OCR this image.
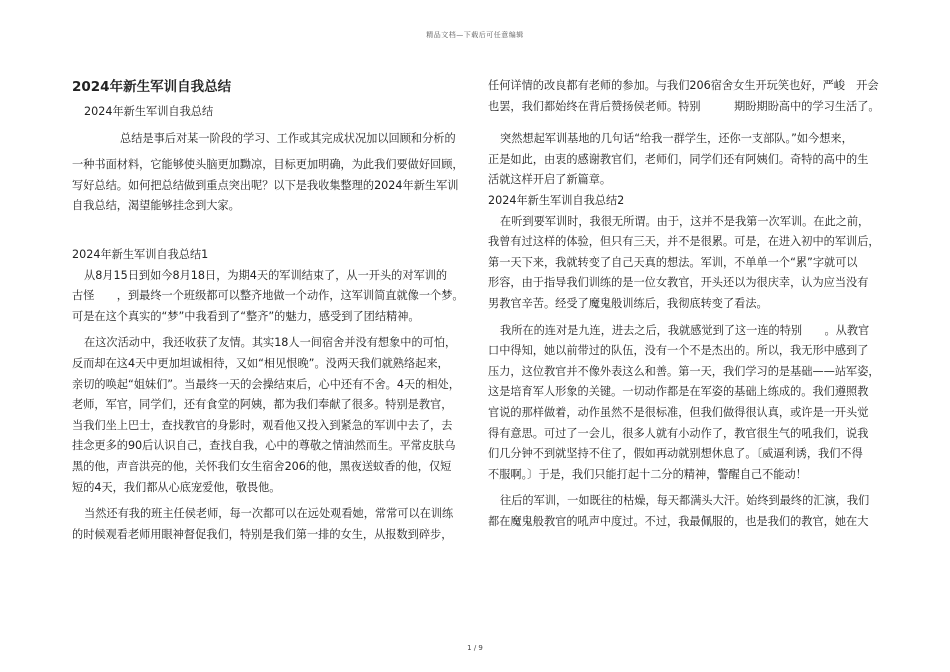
精品文档—下载后可任意编辑
2024年新生军训自我总结
2024年新生军训自我总结
总结是事后对某一阶段的学习、工作或其完成状况加以回顾和分析的
一种书面材料，它能够使头脑更加黝凉，目标更加明确，为此我们要做好回顾，
写好总结。如何把总结做到重点突出呢？以下是我收集整理的2024年新生军训
自我总结，渴望能够挂念到大家。
2024年新生军训自我总结1
从8月15日到如今8月18日，为期4天的军训结束了，从一开头的对军训的
古怪　　，到最终一个班级都可以整齐地做一个动作，这军训简直就像一个梦。
可是在这个真实的“梦”中我看到了“整齐”的魅力，感受到了团结精神。
在这次活动中，我还收获了友情。其实18人一间宿舍并没有想象中的可怕，
反而却在这4天中更加坦诚相待，又如“相见恨晚”。没两天我们就熟络起来，
亲切的唤起“姐妹们”。当最终一天的会操结束后，心中还有不舍。4天的相处，
老师，军官，同学们，还有食堂的阿姨，都为我们奉献了很多。特别是教官，
当我们坐上巴士，查找教官的身影时，观看他又投入到紧急的军训中去了，去
挂念更多的90后认识自己，查找自我，心中的尊敬之情油然而生。平常皮肤乌
黑的他，声音洪亮的他，关怀我们女生宿舍206的他，黑夜送蚊香的他，仅短
短的4天，我们都从心底宠爱他，敬畏他。
当然还有我的班主任侯老师，每一次都可以在远处观看她，常常可以在训练
的时候观看老师用眼神督促我们，特别是我们第一排的女生，从报数到碎步，
任何详情的改良都有老师的参加。与我们206宿舍女生开玩笑也好，严峻　开会
也罢，我们都始终在背后赞扬侯老师。特别　　　期盼期盼高中的学习生活了。
突然想起军训基地的几句话“给我一群学生，还你一支部队。”如今想来，
正是如此，由衷的感谢教官们，老师们，同学们还有阿姨们。奇特的高中的生
活就这样开启了新篇章。
2024年新生军训自我总结2
在听到要军训时，我很无所谓。由于，这并不是我第一次军训。在此之前，
我曾有过这样的体验，但只有三天，并不是很累。可是，在进入初中的军训后，
第一天下来，我就转变了自己天真的想法。军训，不单单一个“累”字就可以
形容，由于指导我们训练的是一位女教官，开头还以为很庆幸，认为应当没有
男教官辛苦。经受了魔鬼般训练后，我彻底转变了看法。
我所在的连对是九连，进去之后，我就感觉到了这一连的特别　　。从教官
口中得知，她以前带过的队伍，没有一个不是杰出的。所以，我无形中感到了
压力，这位教官并不像外表这么和善。第一天，我们学习的是基础——站军姿，
这是培育军人形象的关键。一切动作都是在军姿的基础上练成的。我们遵照教
官说的那样做着，动作虽然不是很标准，但我们做得很认真，或许是一开头觉
得有意思。可过了一会儿，很多人就有小动作了，教官很生气的吼我们，说我
们几分钟不到就坚持不住了，假如再动就别想休息了。〔威逼利诱，我们不得
不服啊。〕于是，我们只能打起十二分的精神，警醒自己不能动！
往后的军训，一如既往的枯燥，每天都满头大汗。始终到最终的汇演，我们
都在魔鬼般教官的吼声中度过。不过，我最佩服的，也是我们的教官，她在大
1 / 9
